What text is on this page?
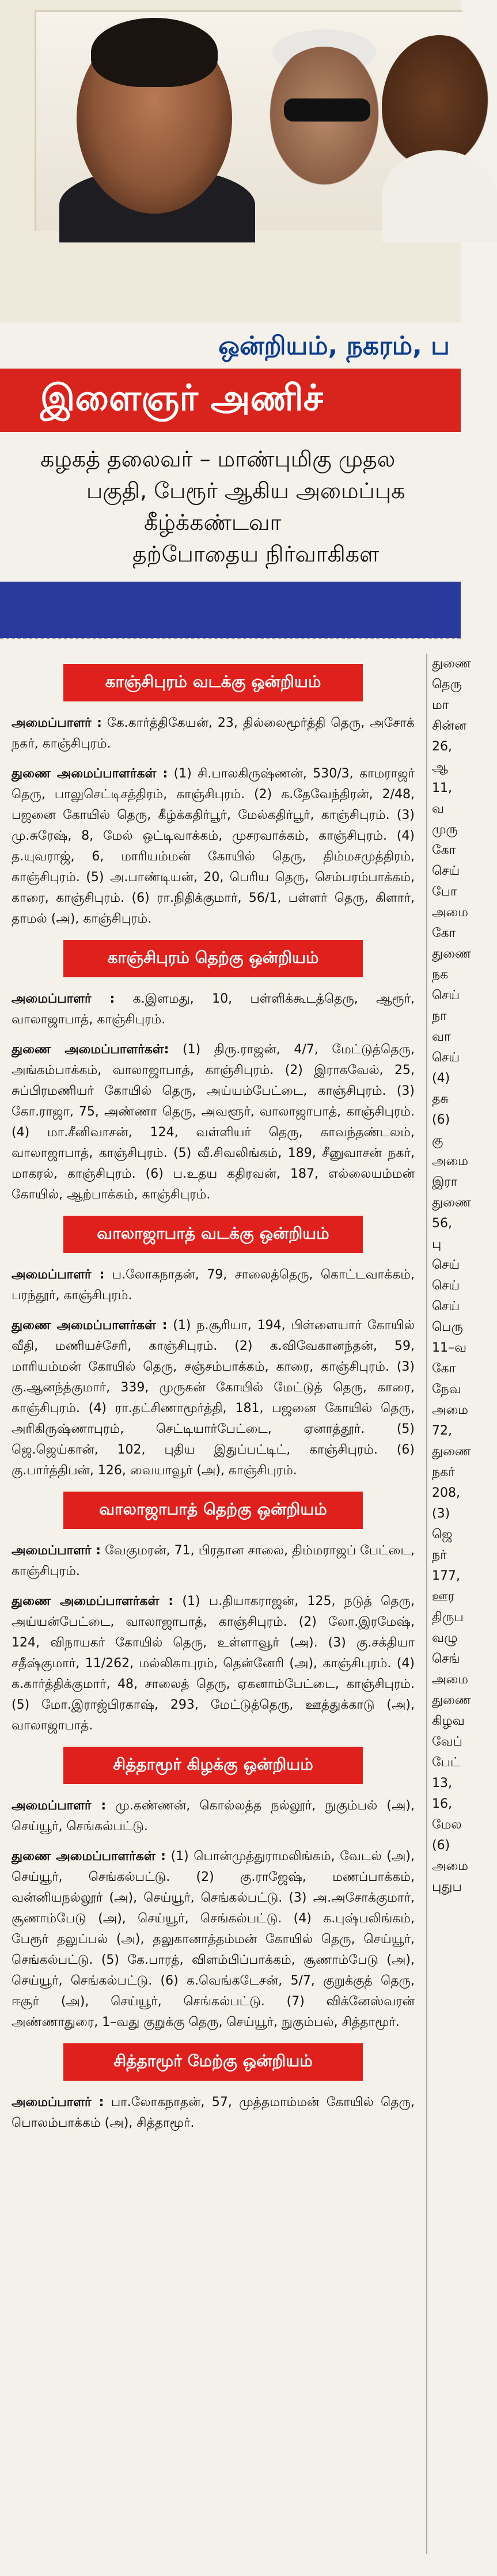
ஒன்றியம், நகரம், ப
இளைஞர் அணிச்

கழகத் தலைவர் – மாண்புமிகு முதல

பகுதி, பேரூர் ஆகிய அமைப்புக

கீழ்க்கண்டவா

தற்போதைய நிர்வாகிகள

காஞ்சிபுரம் வடக்கு ஒன்றியம்

அமைப்பாளர் : கே.கார்த்திகேயன், 23, தில்லைமூர்த்தி தெரு, அசோக் நகர், காஞ்சிபுரம்.

துணை அமைப்பாளர்கள் : (1) சி.பாலகிருஷ்ணன், 530/3, காமராஜர் தெரு, பாலுசெட்டிசத்திரம், காஞ்சிபுரம். (2) க.தேவேந்திரன், 2/48, பஜனை கோயில் தெரு, கீழ்க்கதிர்பூர், மேல்கதிர்பூர், காஞ்சிபுரம். (3) மு.சுரேஷ், 8, மேல் ஒட்டிவாக்கம், முசரவாக்கம், காஞ்சிபுரம். (4) த.யுவராஜ், 6, மாரியம்மன் கோயில் தெரு, திம்மசமுத்திரம், காஞ்சிபுரம். (5) அ.பாண்டியன், 20, பெரிய தெரு, செம்பரம்பாக்கம், காரை, காஞ்சிபுரம். (6) ரா.நிதிக்குமார், 56/1, பள்ளர் தெரு, கிளார், தாமல் (அ), காஞ்சிபுரம்.

காஞ்சிபுரம் தெற்கு ஒன்றியம்

அமைப்பாளர் : க.இளமது, 10, பள்ளிக்கூடத்தெரு, ஆரூர், வாலாஜாபாத், காஞ்சிபுரம்.

துணை அமைப்பாளர்கள்: (1) திரு.ராஜன், 4/7, மேட்டுத்தெரு, அங்கம்பாக்கம், வாலாஜாபாத், காஞ்சிபுரம். (2) இராகவேல், 25, சுப்பிரமணியர் கோயில் தெரு, அய்யம்பேட்டை, காஞ்சிபுரம். (3) கோ.ராஜா, 75, அண்ணா தெரு, அவளூர், வாலாஜாபாத், காஞ்சிபுரம். (4) மா.சீனிவாசன், 124, வள்ளியர் தெரு, காவந்தண்டலம், வாலாஜாபாத், காஞ்சிபுரம். (5) வீ.சிவலிங்கம், 189, சீனுவாசன் நகர், மாகரல், காஞ்சிபுரம். (6) ப.உதய கதிரவன், 187, எல்லையம்மன் கோயில், ஆற்பாக்கம், காஞ்சிபுரம்.

வாலாஜாபாத் வடக்கு ஒன்றியம்

அமைப்பாளர் : ப.லோகநாதன், 79, சாலைத்தெரு, கொட்டவாக்கம், பரந்தூர், காஞ்சிபுரம்.

துணை அமைப்பாளர்கள் : (1) ந.சூரியா, 194, பிள்ளையார் கோயில் வீதி, மணியச்சேரி, காஞ்சிபுரம். (2) க.விவேகானந்தன், 59, மாரியம்மன் கோயில் தெரு, சஞ்சம்பாக்கம், காரை, காஞ்சிபுரம். (3) கு.ஆனந்த்குமார், 339, முருகன் கோயில் மேட்டுத் தெரு, காரை, காஞ்சிபுரம். (4) ரா.தட்சிணாமூர்த்தி, 181, பஜனை கோயில் தெரு, அரிகிருஷ்ணாபுரம், செட்டியார்பேட்டை, ஏனாத்தூர். (5) ஜெ.ஜெய்கான், 102, புதிய இதுப்பட்டிட், காஞ்சிபுரம். (6) கு.பார்த்திபன், 126, வையாவூர் (அ), காஞ்சிபுரம்.

வாலாஜாபாத் தெற்கு ஒன்றியம்

அமைப்பாளர் : வேகுமரன், 71, பிரதான சாலை, திம்மராஜப் பேட்டை, காஞ்சிபுரம்.

துணை அமைப்பாளர்கள் : (1) ப.தியாகராஜன், 125, நடுத் தெரு, அய்யன்பேட்டை, வாலாஜாபாத், காஞ்சிபுரம். (2) லோ.இரமேஷ், 124, விநாயகர் கோயில் தெரு, உள்ளாவூர் (அ). (3) கு.சக்தியா சதீஷ்குமார், 11/262, மல்லிகாபுரம், தென்னேரி (அ), காஞ்சிபுரம். (4) க.கார்த்திக்குமார், 48, சாலைத் தெரு, ஏகனாம்பேட்டை, காஞ்சிபுரம். (5) மோ.இராஜ்பிரகாஷ், 293, மேட்டுத்தெரு, ஊத்துக்காடு (அ), வாலாஜாபாத்.

சித்தாமூர் கிழக்கு ஒன்றியம்

அமைப்பாளர் : மு.கண்ணன், கொல்லத்த நல்லூர், நுகும்பல் (அ), செய்யூர், செங்கல்பட்டு.

துணை அமைப்பாளர்கள் : (1) பொன்முத்துராமலிங்கம், வேடல் (அ), செய்யூர், செங்கல்பட்டு. (2) கு.ராஜேஷ், மணப்பாக்கம், வன்னியநல்லூர் (அ), செய்யூர், செங்கல்பட்டு. (3) அ.அசோக்குமார், சூணாம்பேடு (அ), செய்யூர், செங்கல்பட்டு. (4) க.புஷ்பலிங்கம், பேரூர் தலுப்பல் (அ), தலுகானாத்தம்மன் கோயில் தெரு, செய்யூர், செங்கல்பட்டு. (5) கே.பாரத், விளம்பிப்பாக்கம், சூணாம்பேடு (அ), செய்யூர், செங்கல்பட்டு. (6) க.வெங்கடேசன், 5/7, குறுக்குத் தெரு, ஈசூர் (அ), செய்யூர், செங்கல்பட்டு. (7) விக்னேஸ்வரன் அண்ணாதுரை, 1–வது குறுக்கு தெரு, செய்யூர், நுகும்பல், சித்தாமூர்.

சித்தாமூர் மேற்கு ஒன்றியம்

அமைப்பாளர் : பா.லோகநாதன், 57, முத்தமாம்மன் கோயில் தெரு, பொலம்பாக்கம் (அ), சித்தாமூர்.

துணை
தெரு
மா
சின்ன
26,
ஆ
11,
வ
முரு
கோ
செய்
போ
அமை
கோ
துணை
நக
செய்
நா
வா
செய்
(4)
தசு
(6)
கு
அமை
இரா
துணை
56,
பு
செய்
செய்
செய்
பெரு
11–வ
கோ
நேவ
அமை
72,
துணை
நகர்
208,
(3)
ஜெ
நர்
177,
ஊர
திருப
வழு
செங்
அமை
துணை
கிழவ
வேப்
பேட்
13,
16,
மேல
(6)
அமை
புதுப
